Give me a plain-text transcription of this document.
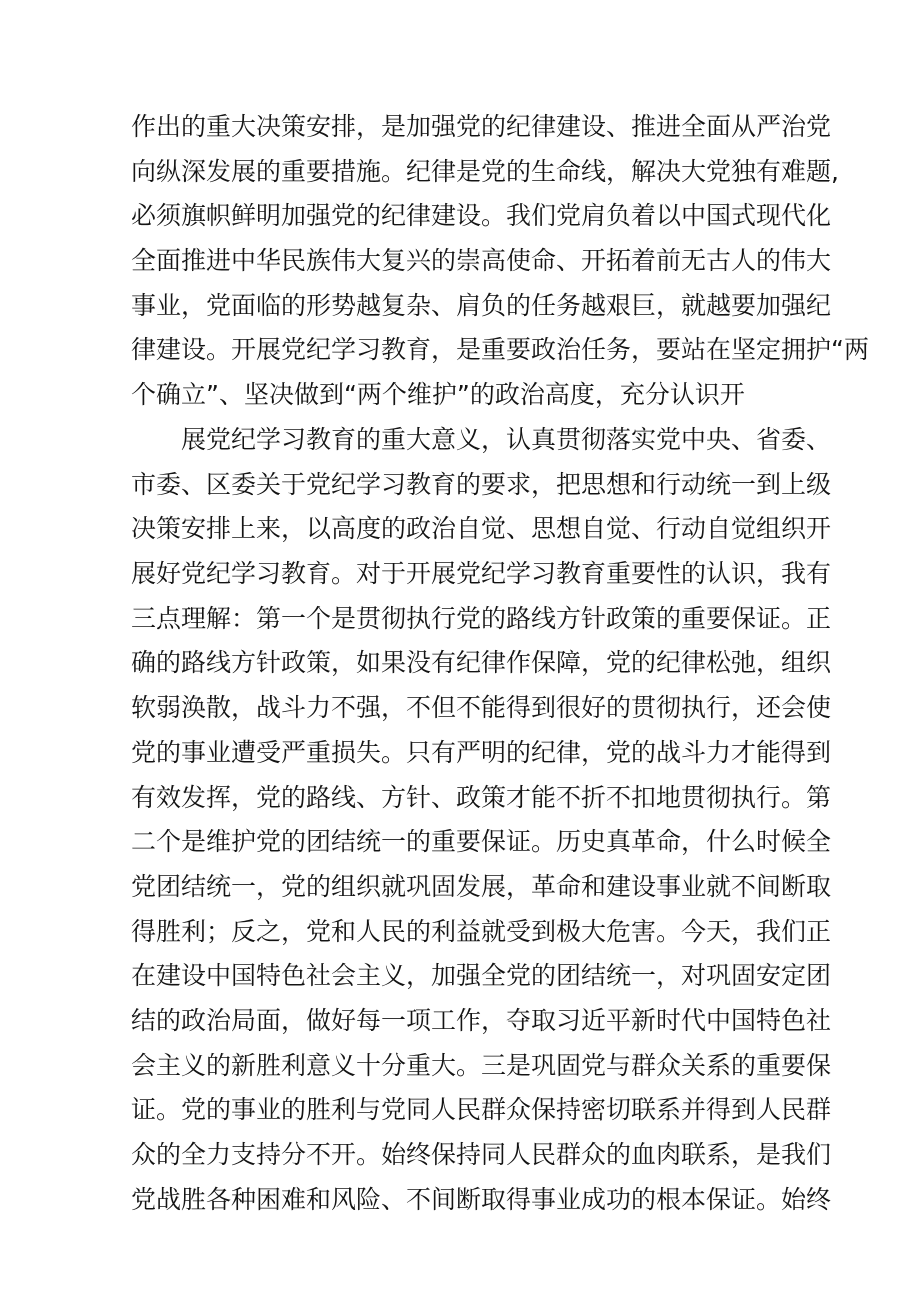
作出的重大决策安排，是加强党的纪律建设、推进全面从严治党
向纵深发展的重要措施。纪律是党的生命线，解决大党独有难题,
必须旗帜鲜明加强党的纪律建设。我们党肩负着以中国式现代化
全面推进中华民族伟大复兴的崇高使命、开拓着前无古人的伟大
事业，党面临的形势越复杂、肩负的任务越艰巨，就越要加强纪
律建设。开展党纪学习教育，是重要政治任务，要站在坚定拥护“两
个确立”、坚决做到“两个维护”的政治高度，充分认识开
展党纪学习教育的重大意义，认真贯彻落实党中央、省委、
市委、区委关于党纪学习教育的要求，把思想和行动统一到上级
决策安排上来，以高度的政治自觉、思想自觉、行动自觉组织开
展好党纪学习教育。对于开展党纪学习教育重要性的认识，我有
三点理解：第一个是贯彻执行党的路线方针政策的重要保证。正
确的路线方针政策，如果没有纪律作保障，党的纪律松弛，组织
软弱涣散，战斗力不强，不但不能得到很好的贯彻执行，还会使
党的事业遭受严重损失。只有严明的纪律，党的战斗力才能得到
有效发挥，党的路线、方针、政策才能不折不扣地贯彻执行。第
二个是维护党的团结统一的重要保证。历史真革命，什么时候全
党团结统一，党的组织就巩固发展，革命和建设事业就不间断取
得胜利；反之，党和人民的利益就受到极大危害。今天，我们正
在建设中国特色社会主义，加强全党的团结统一，对巩固安定团
结的政治局面，做好每一项工作，夺取习近平新时代中国特色社
会主义的新胜利意义十分重大。三是巩固党与群众关系的重要保
证。党的事业的胜利与党同人民群众保持密切联系并得到人民群
众的全力支持分不开。始终保持同人民群众的血肉联系，是我们
党战胜各种困难和风险、不间断取得事业成功的根本保证。始终
